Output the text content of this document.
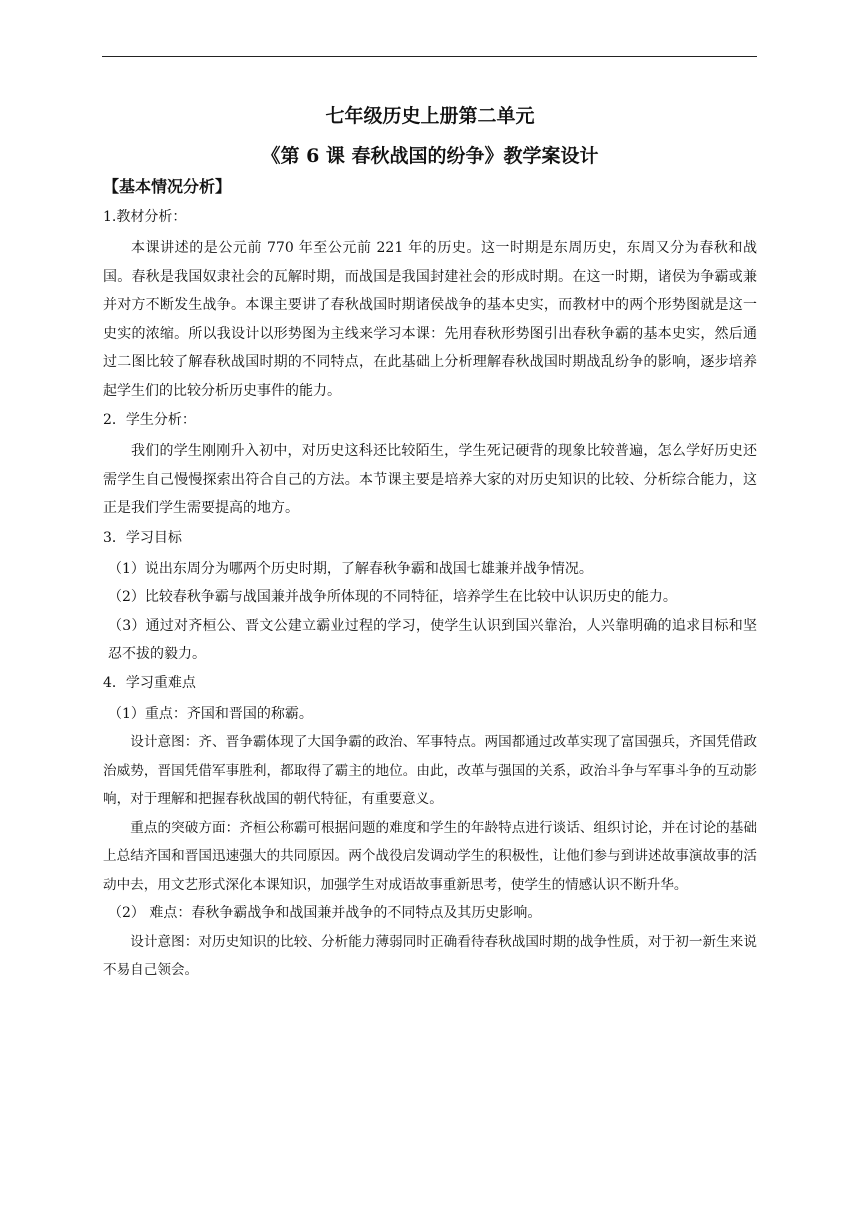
七年级历史上册第二单元
《第 6 课 春秋战国的纷争》教学案设计
【基本情况分析】

1.教材分析：

本课讲述的是公元前 770 年至公元前 221 年的历史。这一时期是东周历史，东周又分为春秋和战国。春秋是我国奴隶社会的瓦解时期，而战国是我国封建社会的形成时期。在这一时期，诸侯为争霸或兼并对方不断发生战争。本课主要讲了春秋战国时期诸侯战争的基本史实，而教材中的两个形势图就是这一史实的浓缩。所以我设计以形势图为主线来学习本课：先用春秋形势图引出春秋争霸的基本史实，然后通过二图比较了解春秋战国时期的不同特点，在此基础上分析理解春秋战国时期战乱纷争的影响，逐步培养起学生们的比较分析历史事件的能力。

2．学生分析：

我们的学生刚刚升入初中，对历史这科还比较陌生，学生死记硬背的现象比较普遍，怎么学好历史还需学生自己慢慢探索出符合自己的方法。本节课主要是培养大家的对历史知识的比较、分析综合能力，这正是我们学生需要提高的地方。

3．学习目标

（1）说出东周分为哪两个历史时期，了解春秋争霸和战国七雄兼并战争情况。

（2）比较春秋争霸与战国兼并战争所体现的不同特征，培养学生在比较中认识历史的能力。

（3）通过对齐桓公、晋文公建立霸业过程的学习，使学生认识到国兴靠治，人兴靠明确的追求目标和坚忍不拔的毅力。

4．学习重难点

（1）重点：齐国和晋国的称霸。

设计意图：齐、晋争霸体现了大国争霸的政治、军事特点。两国都通过改革实现了富国强兵，齐国凭借政治威势，晋国凭借军事胜利，都取得了霸主的地位。由此，改革与强国的关系，政治斗争与军事斗争的互动影响，对于理解和把握春秋战国的朝代特征，有重要意义。

重点的突破方面：齐桓公称霸可根据问题的难度和学生的年龄特点进行谈话、组织讨论，并在讨论的基础上总结齐国和晋国迅速强大的共同原因。两个战役启发调动学生的积极性，让他们参与到讲述故事演故事的活动中去，用文艺形式深化本课知识，加强学生对成语故事重新思考，使学生的情感认识不断升华。

（2） 难点：春秋争霸战争和战国兼并战争的不同特点及其历史影响。

设计意图：对历史知识的比较、分析能力薄弱同时正确看待春秋战国时期的战争性质，对于初一新生来说不易自己领会。
